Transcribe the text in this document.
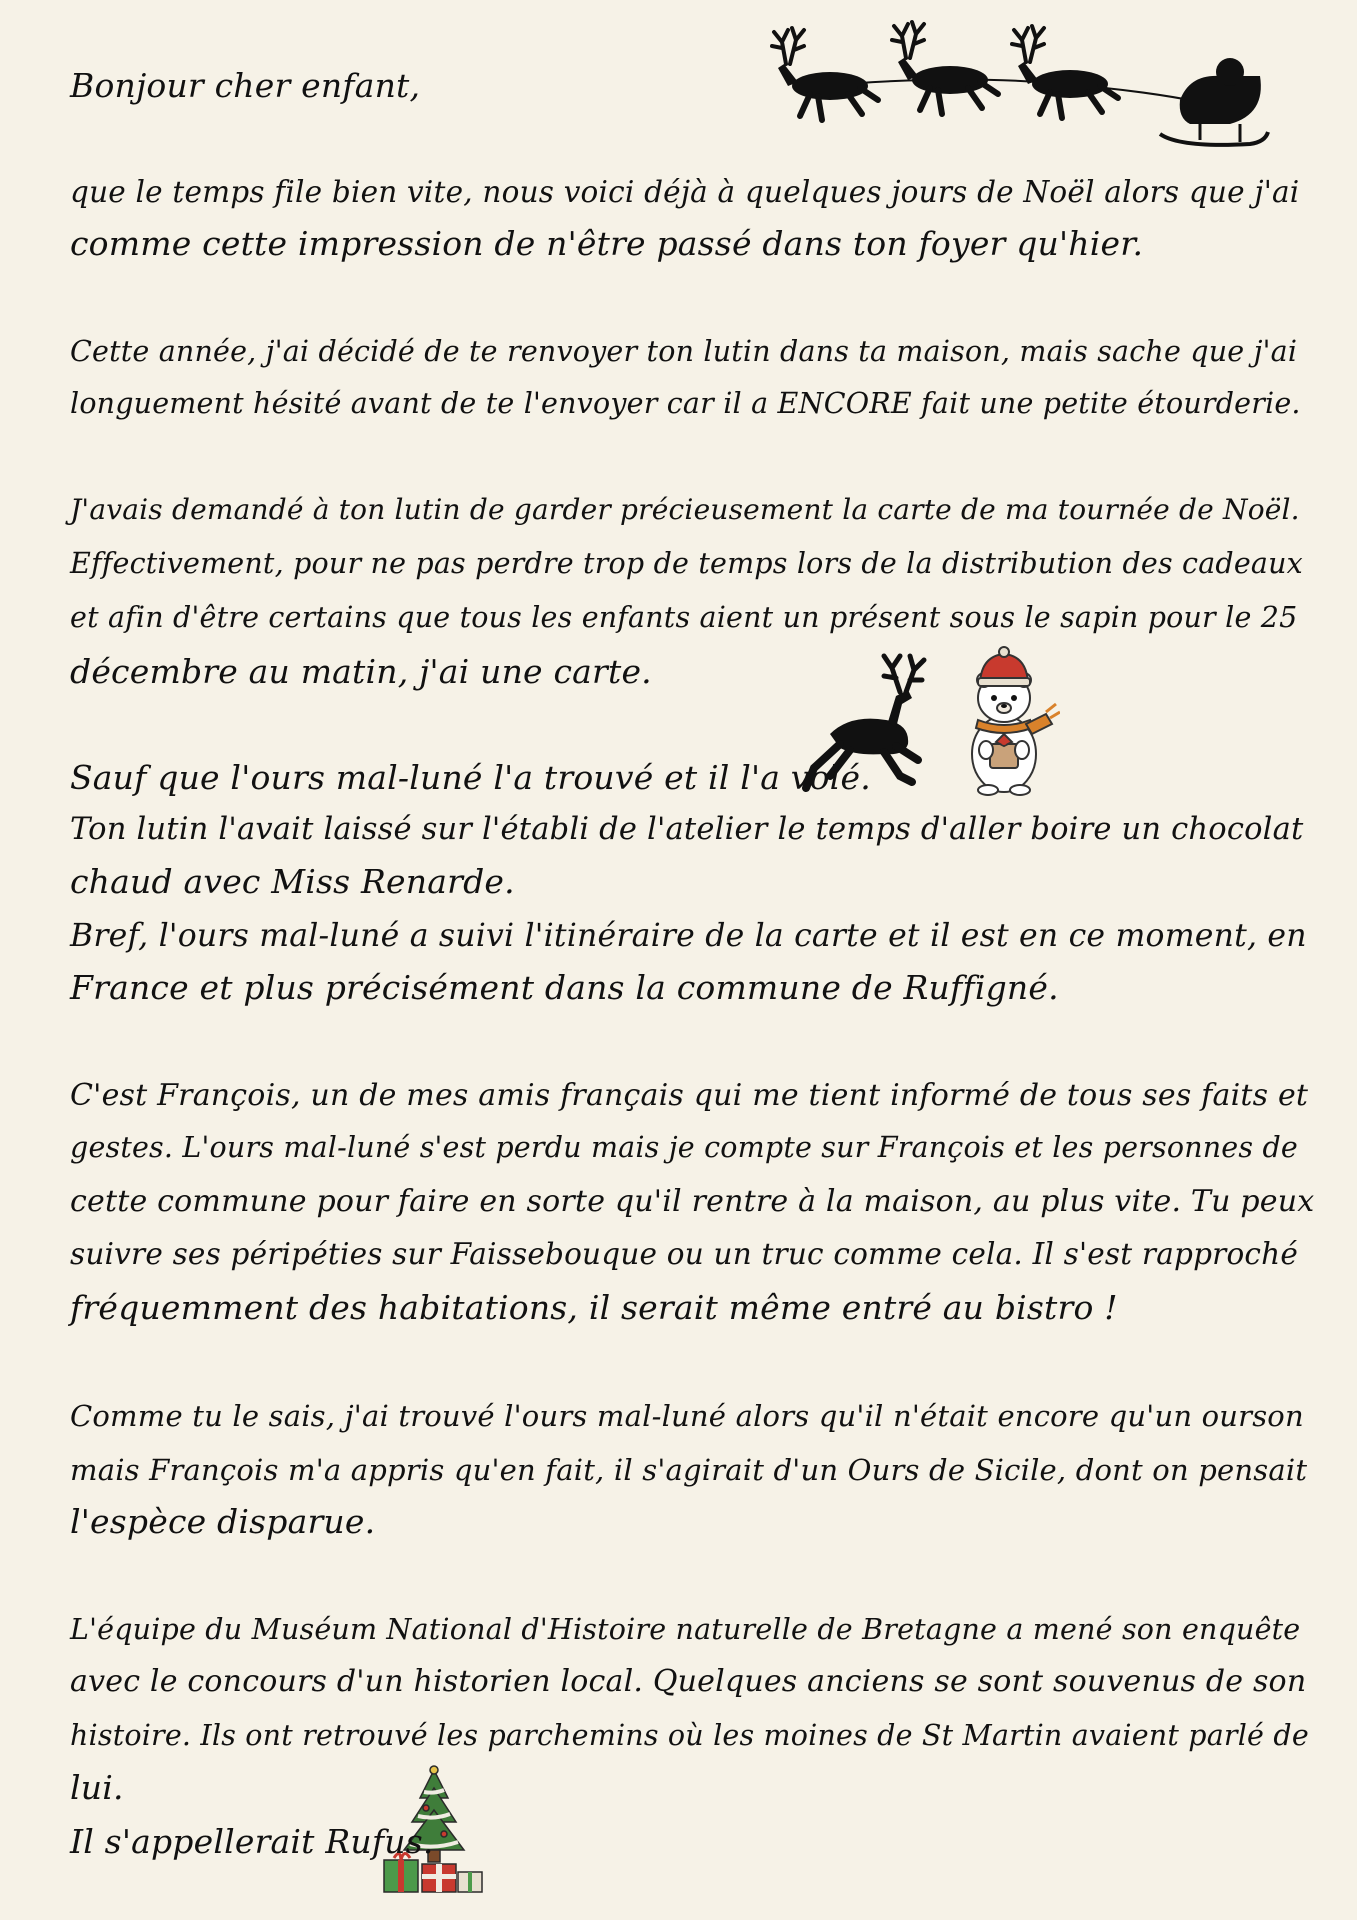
Bonjour cher enfant,
que le temps file bien vite, nous voici déjà à quelques jours de Noël alors que j'ai
comme cette impression de n'être passé dans ton foyer qu'hier.
Cette année, j'ai décidé de te renvoyer ton lutin dans ta maison, mais sache que j'ai
longuement hésité avant de te l'envoyer car il a ENCORE fait une petite étourderie.
J'avais demandé à ton lutin de garder précieusement la carte de ma tournée de Noël.
Effectivement, pour ne pas perdre trop de temps lors de la distribution des cadeaux
et afin d'être certains que tous les enfants aient un présent sous le sapin pour le 25
décembre au matin, j'ai une carte.
Sauf que l'ours mal-luné l'a trouvé et il l'a volé.
Ton lutin l'avait laissé sur l'établi de l'atelier le temps d'aller boire un chocolat
chaud avec Miss Renarde.
Bref, l'ours mal-luné a suivi l'itinéraire de la carte et il est en ce moment, en
France et plus précisément dans la commune de Ruffigné.
C'est François, un de mes amis français qui me tient informé de tous ses faits et
gestes. L'ours mal-luné s'est perdu mais je compte sur François et les personnes de
cette commune pour faire en sorte qu'il rentre à la maison, au plus vite. Tu peux
suivre ses péripéties sur Faissebouque ou un truc comme cela. Il s'est rapproché
fréquemment des habitations, il serait même entré au bistro !
Comme tu le sais, j'ai trouvé l'ours mal-luné alors qu'il n'était encore qu'un ourson
mais François m'a appris qu'en fait, il s'agirait d'un Ours de Sicile, dont on pensait
l'espèce disparue.
L'équipe du Muséum National d'Histoire naturelle de Bretagne a mené son enquête
avec le concours d'un historien local. Quelques anciens se sont souvenus de son
histoire. Ils ont retrouvé les parchemins où les moines de St Martin avaient parlé de
lui.
Il s'appellerait Rufus.
